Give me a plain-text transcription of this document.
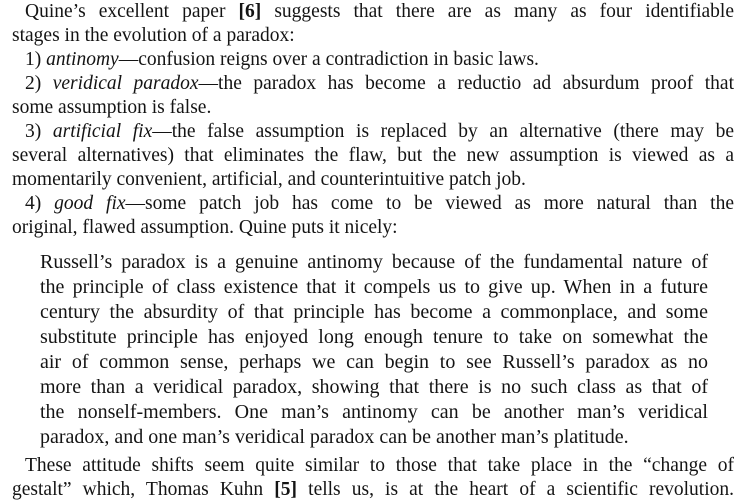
Quine’s excellent paper [6] suggests that there are as many as four identifiable

stages in the evolution of a paradox:

1) antinomy—confusion reigns over a contradiction in basic laws.

2) veridical paradox—the paradox has become a reductio ad absurdum proof that

some assumption is false.

3) artificial fix—the false assumption is replaced by an alternative (there may be

several alternatives) that eliminates the flaw, but the new assumption is viewed as a

momentarily convenient, artificial, and counterintuitive patch job.

4) good fix—some patch job has come to be viewed as more natural than the

original, flawed assumption. Quine puts it nicely:

Russell’s paradox is a genuine antinomy because of the fundamental nature of

the principle of class existence that it compels us to give up. When in a future

century the absurdity of that principle has become a commonplace, and some

substitute principle has enjoyed long enough tenure to take on somewhat the

air of common sense, perhaps we can begin to see Russell’s paradox as no

more than a veridical paradox, showing that there is no such class as that of

the nonself-members. One man’s antinomy can be another man’s veridical

paradox, and one man’s veridical paradox can be another man’s platitude.

These attitude shifts seem quite similar to those that take place in the “change of

gestalt” which, Thomas Kuhn [5] tells us, is at the heart of a scientific revolution.
